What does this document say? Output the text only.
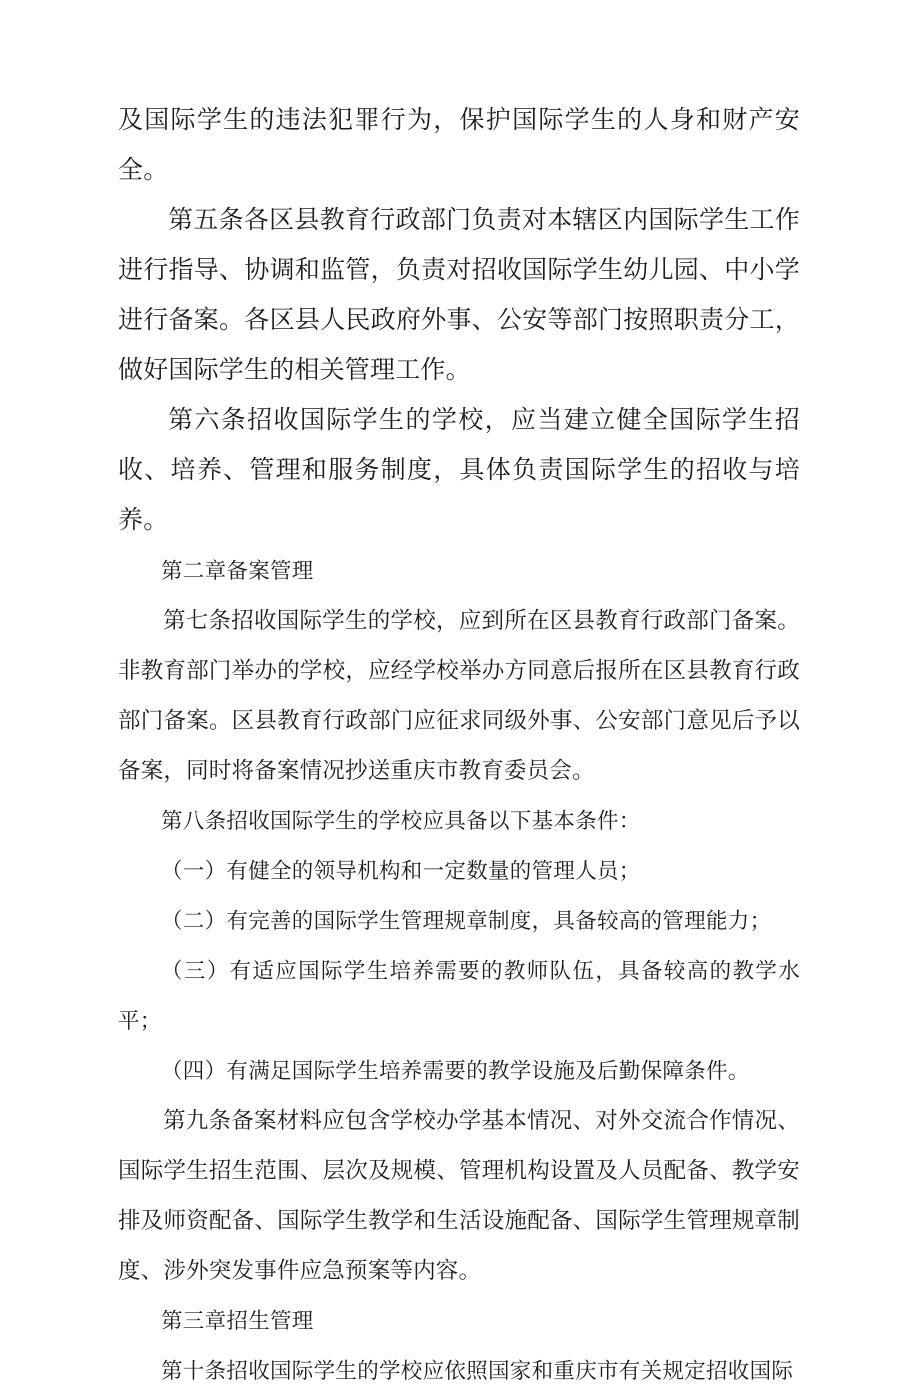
及国际学生的违法犯罪行为，保护国际学生的人身和财产安全。

第五条各区县教育行政部门负责对本辖区内国际学生工作进行指导、协调和监管，负责对招收国际学生幼儿园、中小学进行备案。各区县人民政府外事、公安等部门按照职责分工，做好国际学生的相关管理工作。

第六条招收国际学生的学校，应当建立健全国际学生招收、培养、管理和服务制度，具体负责国际学生的招收与培养。

第二章备案管理

第七条招收国际学生的学校，应到所在区县教育行政部门备案。非教育部门举办的学校，应经学校举办方同意后报所在区县教育行政部门备案。区县教育行政部门应征求同级外事、公安部门意见后予以备案，同时将备案情况抄送重庆市教育委员会。

第八条招收国际学生的学校应具备以下基本条件：

（一）有健全的领导机构和一定数量的管理人员；

（二）有完善的国际学生管理规章制度，具备较高的管理能力；

（三）有适应国际学生培养需要的教师队伍，具备较高的教学水平；

（四）有满足国际学生培养需要的教学设施及后勤保障条件。

第九条备案材料应包含学校办学基本情况、对外交流合作情况、国际学生招生范围、层次及规模、管理机构设置及人员配备、教学安排及师资配备、国际学生教学和生活设施配备、国际学生管理规章制度、涉外突发事件应急预案等内容。

第三章招生管理

第十条招收国际学生的学校应依照国家和重庆市有关规定招收国际
